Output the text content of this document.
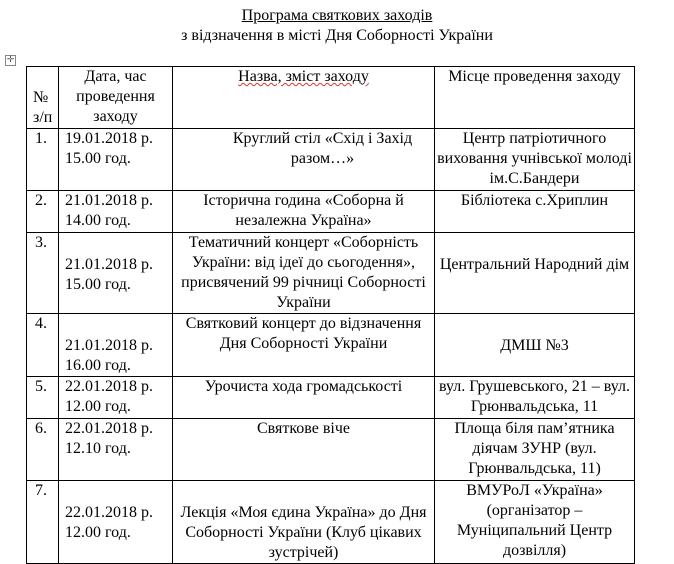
Програма святкових заходів
з відзначення в місті Дня Соборності України
✛
№ з/п	Дата, час проведення заходу	Назва, зміст заходу	Місце проведення заходу
1.	19.01.2018 р. 15.00 год.	Круглий стіл «Схід і Захід разом…»	Центр патріотичного виховання учнівської молоді ім.С.Бандери
2.	21.01.2018 р. 14.00 год.	Історична година «Соборна й незалежна Україна»	Бібліотека с.Хриплин
3.	21.01.2018 р. 15.00 год.	Тематичний концерт «Соборність України: від ідеї до сьогодення», присвячений 99 річниці Соборності України	Центральний Народний дім
4.	21.01.2018 р. 16.00 год.	Святковий концерт до відзначення Дня Соборності України	ДМШ №3
5.	22.01.2018 р. 12.00 год.	Урочиста хода громадськості	вул. Грушевського, 21 – вул. Грюнвальдська, 11
6.	22.01.2018 р. 12.10 год.	Святкове віче	Площа біля пам’ятника діячам ЗУНР (вул. Грюнвальдська, 11)
7.	22.01.2018 р. 12.00 год.	Лекція «Моя єдина Україна» до Дня Соборності України (Клуб цікавих зустрічей)	ВМУРоЛ «Україна» (організатор – Муніципальний Центр дозвілля)
